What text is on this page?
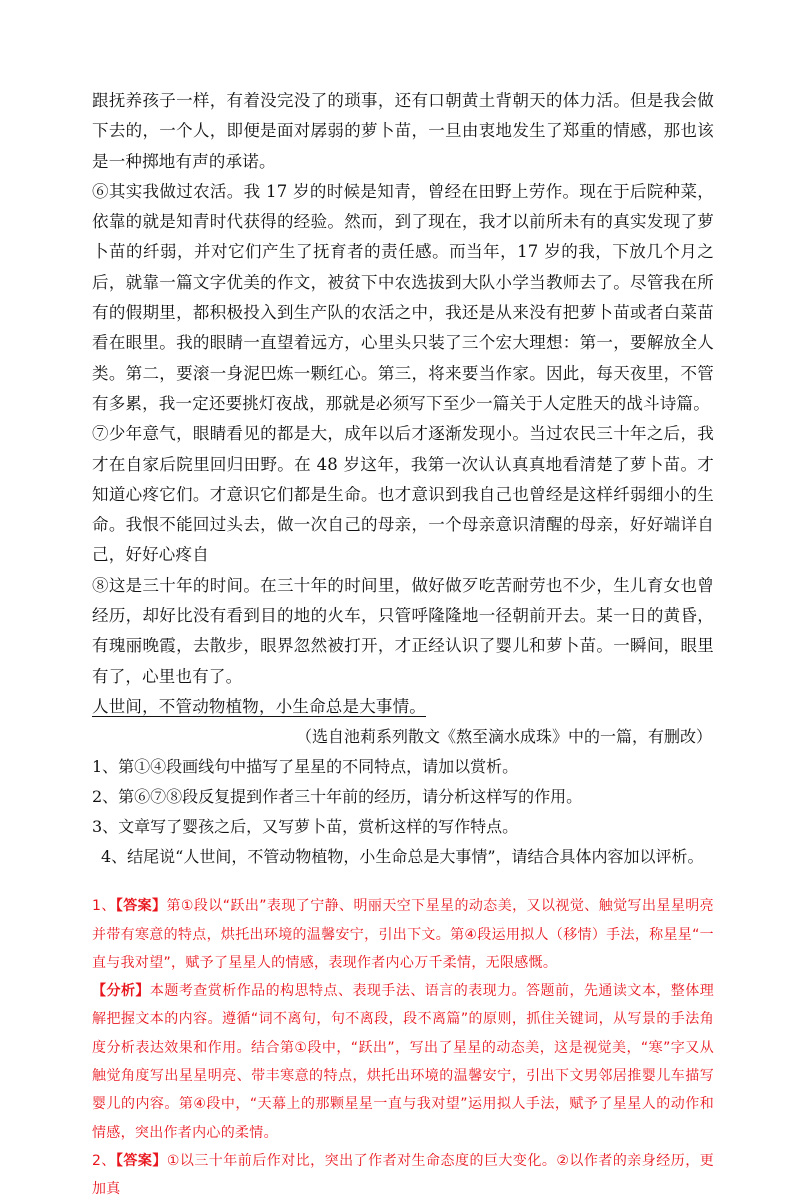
跟抚养孩子一样，有着没完没了的琐事，还有口朝黄土背朝天的体力活。但是我会做下去的，一个人，即便是面对孱弱的萝卜苗，一旦由衷地发生了郑重的情感，那也该是一种掷地有声的承诺。

⑥其实我做过农活。我 17 岁的时候是知青，曾经在田野上劳作。现在于后院种菜，依靠的就是知青时代获得的经验。然而，到了现在，我才以前所未有的真实发现了萝卜苗的纤弱，并对它们产生了抚育者的责任感。而当年，17 岁的我，下放几个月之后，就靠一篇文字优美的作文，被贫下中农选拔到大队小学当教师去了。尽管我在所有的假期里，都积极投入到生产队的农活之中，我还是从来没有把萝卜苗或者白菜苗看在眼里。我的眼睛一直望着远方，心里头只装了三个宏大理想：第一，要解放全人类。第二，要滚一身泥巴炼一颗红心。第三，将来要当作家。因此，每天夜里，不管有多累，我一定还要挑灯夜战，那就是必须写下至少一篇关于人定胜天的战斗诗篇。

⑦少年意气，眼睛看见的都是大，成年以后才逐渐发现小。当过农民三十年之后，我才在自家后院里回归田野。在 48 岁这年，我第一次认认真真地看清楚了萝卜苗。才知道心疼它们。才意识它们都是生命。也才意识到我自己也曾经是这样纤弱细小的生命。我恨不能回过头去，做一次自己的母亲，一个母亲意识清醒的母亲，好好端详自己，好好心疼自

⑧这是三十年的时间。在三十年的时间里，做好做歹吃苦耐劳也不少，生儿育女也曾经历，却好比没有看到目的地的火车，只管呼隆隆地一径朝前开去。某一日的黄昏，有瑰丽晚霞，去散步，眼界忽然被打开，才正经认识了婴儿和萝卜苗。一瞬间，眼里有了，心里也有了。
人世间，不管动物植物，小生命总是大事情。

（选自池莉系列散文《熬至滴水成珠》中的一篇，有删改）

1、第①④段画线句中描写了星星的不同特点，请加以赏析。

2、第⑥⑦⑧段反复提到作者三十年前的经历，请分析这样写的作用。

3、文章写了婴孩之后，又写萝卜苗，赏析这样的写作特点。

4、结尾说“人世间，不管动物植物，小生命总是大事情”，请结合具体内容加以评析。

1、【答案】第①段以“跃出”表现了宁静、明丽天空下星星的动态美，又以视觉、触觉写出星星明亮并带有寒意的特点，烘托出环境的温馨安宁，引出下文。第④段运用拟人（移情）手法，称星星“一直与我对望”，赋予了星星人的情感，表现作者内心万千柔情，无限感慨。

【分析】本题考查赏析作品的构思特点、表现手法、语言的表现力。答题前，先通读文本，整体理解把握文本的内容。遵循“词不离句，句不离段，段不离篇”的原则，抓住关键词，从写景的手法角度分析表达效果和作用。结合第①段中，“跃出”，写出了星星的动态美，这是视觉美，“寒”字又从触觉角度写出星星明亮、带丰寒意的特点，烘托出环境的温馨安宁，引出下文男邻居推婴儿车描写婴儿的内容。第④段中，“天幕上的那颗星星一直与我对望”运用拟人手法，赋予了星星人的动作和情感，突出作者内心的柔情。

2、【答案】①以三十年前后作对比，突出了作者对生命态度的巨大变化。②以作者的亲身经历，更加真
